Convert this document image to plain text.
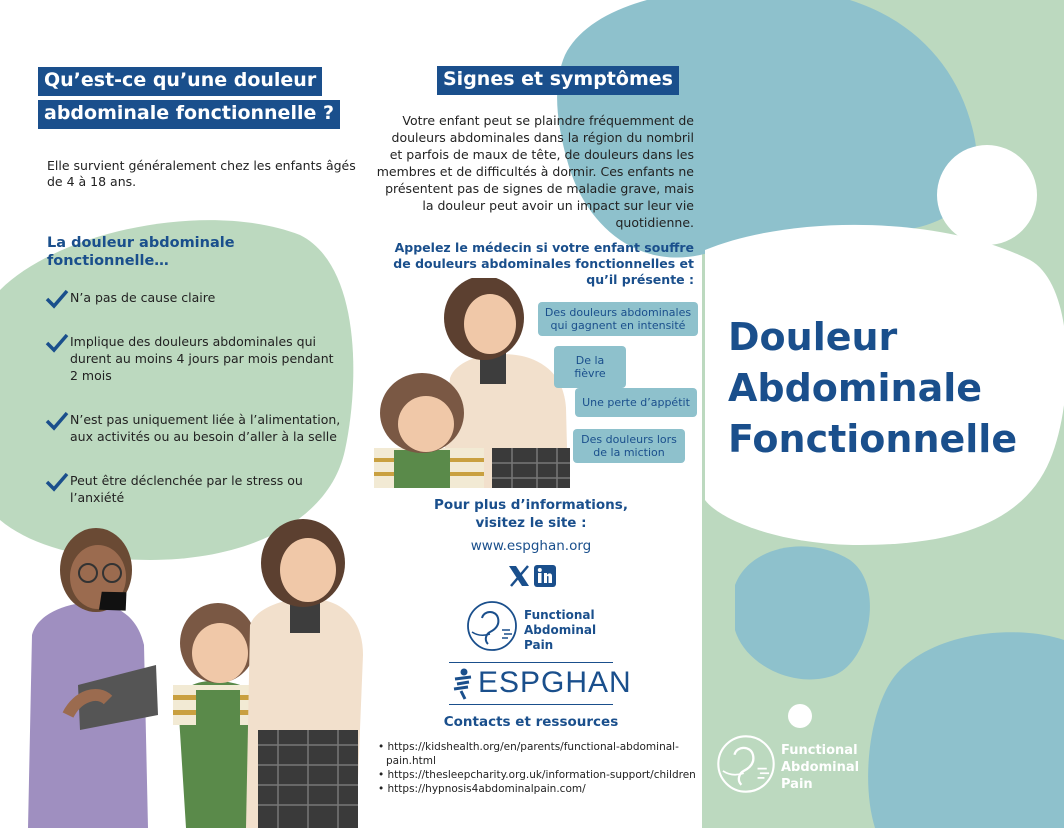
Qu’est-ce qu’une douleur
abdominale fonctionnelle ?
Elle survient généralement chez les enfants âgés de 4 à 18 ans.
La douleur abdominale fonctionnelle…
N’a pas de cause claire
Implique des douleurs abdominales qui durent au moins 4 jours par mois pendant 2 mois
N’est pas uniquement liée à l’alimentation, aux activités ou au besoin d’aller à la selle
Peut être déclenchée par le stress ou l’anxiété
Signes et symptômes
Votre enfant peut se plaindre fréquemment de douleurs abdominales dans la région du nombril et parfois de maux de tête, de douleurs dans les membres et de difficultés à dormir. Ces enfants ne présentent pas de signes de maladie grave, mais la douleur peut avoir un impact sur leur vie quotidienne.
Appelez le médecin si votre enfant souffre de douleurs abdominales fonctionnelles et qu’il présente :
Des douleurs abdominales qui gagnent en intensité
De la fièvre
Une perte d’appétit
Des douleurs lors de la miction
Pour plus d’informations,
visitez le site :
www.espghan.org
Functional
Abdominal
Pain
ESPGHAN
Contacts et ressources
• https://kidshealth.org/en/parents/functional-abdominal-pain.html
• https://thesleepcharity.org.uk/information-support/children
• https://hypnosis4abdominalpain.com/
Douleur
Abdominale
Fonctionnelle
Functional
Abdominal
Pain
